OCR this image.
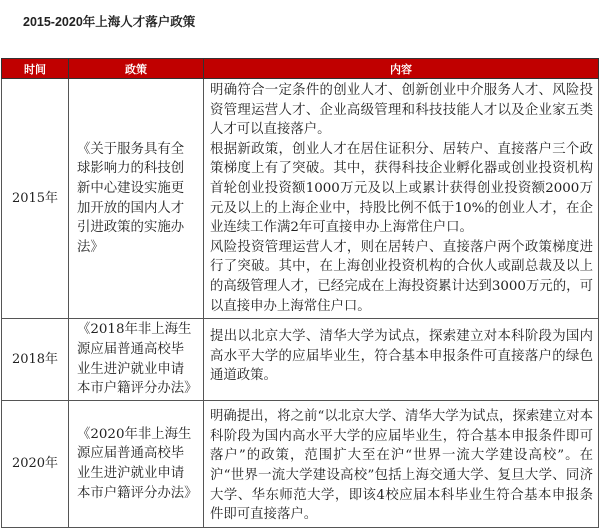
2015-2020年上海人才落户政策
时间	政策	内容
2015年	《关于服务具有全球影响力的科技创新中心建设实施更加开放的国内人才引进政策的实施办法》	明确符合一定条件的创业人才、创新创业中介服务人才、风险投资管理运营人才、企业高级管理和科技技能人才以及企业家五类人才可以直接落户。

根据新政策，创业人才在居住证积分、居转户、直接落户三个政策梯度上有了突破。其中，获得科技企业孵化器或创业投资机构首轮创业投资额1000万元及以上或累计获得创业投资额2000万元及以上的上海企业中，持股比例不低于10%的创业人才，在企业连续工作满2年可直接申办上海常住户口。

风险投资管理运营人才，则在居转户、直接落户两个政策梯度进行了突破。其中，在上海创业投资机构的合伙人或副总裁及以上的高级管理人才，已经完成在上海投资累计达到3000万元的，可以直接申办上海常住户口。

2018年	《2018年非上海生源应届普通高校毕业生进沪就业申请本市户籍评分办法》	提出以北京大学、清华大学为试点，探索建立对本科阶段为国内高水平大学的应届毕业生，符合基本申报条件可直接落户的绿色通道政策。

2020年	《2020年非上海生源应届普通高校毕业生进沪就业申请本市户籍评分办法》	明确提出，将之前“以北京大学、清华大学为试点，探索建立对本科阶段为国内高水平大学的应届毕业生，符合基本申报条件即可落户”的政策，范围扩大至在沪“世界一流大学建设高校”。在沪“世界一流大学建设高校”包括上海交通大学、复旦大学、同济大学、华东师范大学，即该4校应届本科毕业生符合基本申报条件即可直接落户。
